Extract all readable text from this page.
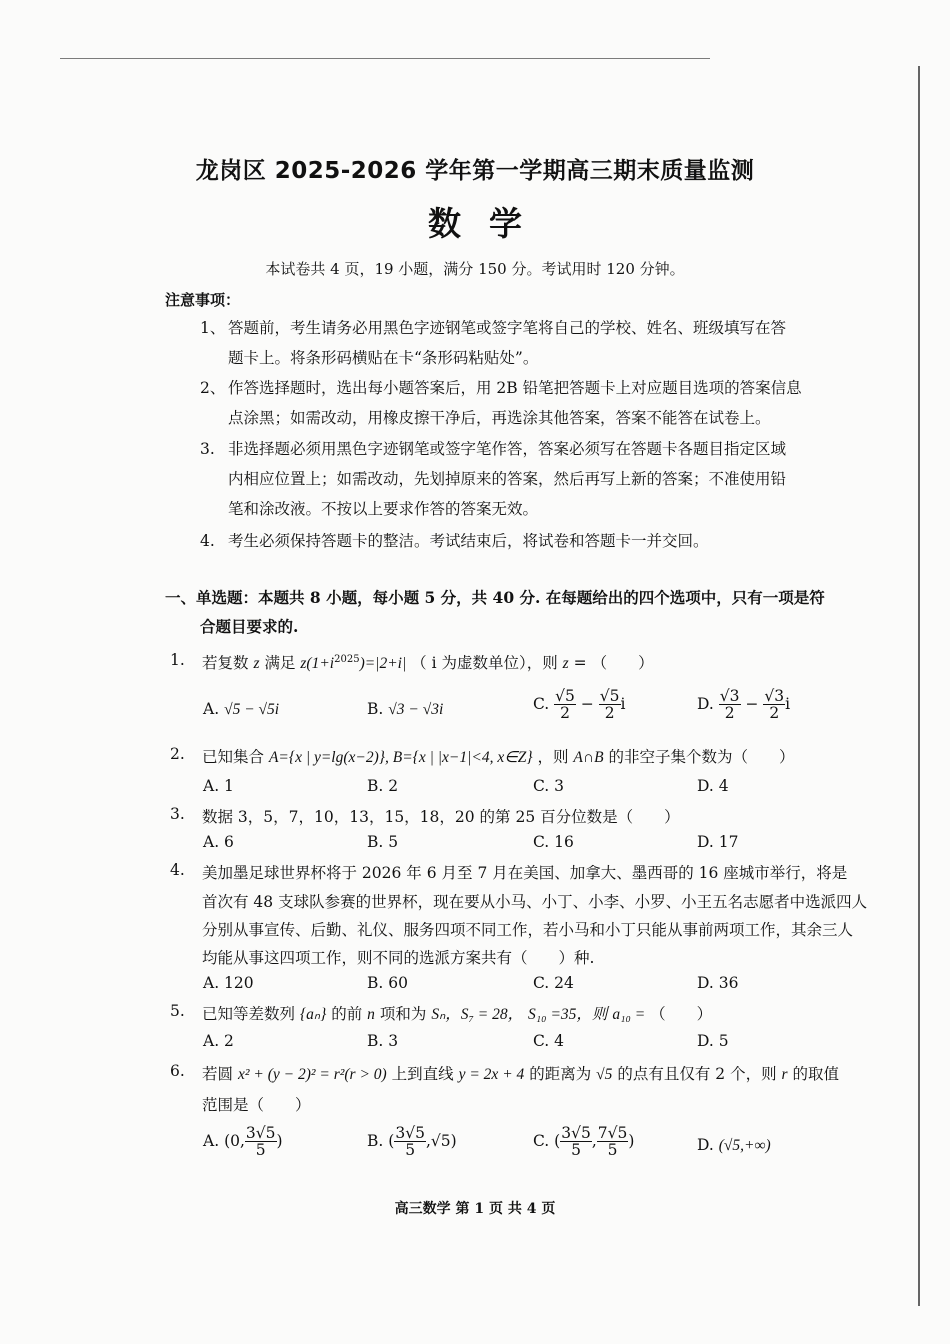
龙岗区 2025-2026 学年第一学期高三期末质量监测
数学
本试卷共 4 页，19 小题，满分 150 分。考试用时 120 分钟。
注意事项：
1、 答题前，考生请务必用黑色字迹钢笔或签字笔将自己的学校、姓名、班级填写在答
题卡上。将条形码横贴在卡“条形码粘贴处”。
2、 作答选择题时，选出每小题答案后，用 2B 铅笔把答题卡上对应题目选项的答案信息
点涂黑；如需改动，用橡皮擦干净后，再选涂其他答案，答案不能答在试卷上。
3. 非选择题必须用黑色字迹钢笔或签字笔作答，答案必须写在答题卡各题目指定区域
内相应位置上；如需改动，先划掉原来的答案，然后再写上新的答案；不准使用铅
笔和涂改液。不按以上要求作答的答案无效。
4. 考生必须保持答题卡的整洁。考试结束后，将试卷和答题卡一并交回。
一、单选题：本题共 8 小题，每小题 5 分，共 40 分. 在每题给出的四个选项中，只有一项是符
合题目要求的.
1. 若复数 z 满足 $z(1+i^{2025})=|2+i|$ （ i 为虚数单位），则 z = （　　）
A. √5 − √5i	B. √3 − √3i	C. $\frac{√5}{2} - \frac{√5}{2}$ i	D. $\frac{√3}{2} - \frac{√3}{2}$ i
2. 已知集合 A={x | y=lg(x−2)}, B={x | |x−1|<4, x∈Z} ，则 A∩B 的非空子集个数为（　　）
A. 1	B. 2	C. 3	D. 4
3. 数据 3，5，7，10，13，15，18，20 的第 25 百分位数是（　　）
A. 6	B. 5	C. 16	D. 17
4. 美加墨足球世界杯将于 2026 年 6 月至 7 月在美国、加拿大、墨西哥的 16 座城市举行，将是
首次有 48 支球队参赛的世界杯，现在要从小马、小丁、小李、小罗、小王五名志愿者中选派四人
分别从事宣传、后勤、礼仪、服务四项不同工作，若小马和小丁只能从事前两项工作，其余三人
均能从事这四项工作，则不同的选派方案共有（　　）种.
A. 120	B. 60	C. 24	D. 36
5. 已知等差数列 {aₙ} 的前 n 项和为 Sₙ，S₇ = 28， S₁₀ =35，则 a₁₀ = （　　）
A. 2	B. 3	C. 4	D. 5
6. 若圆 x² + (y − 2)² = r²(r > 0) 上到直线 y = 2x + 4 的距离为 √5 的点有且仅有 2 个，则 r 的取值
范围是（　　）
A. (0, $\frac{3√5}{5}$ )	B. ( $\frac{3√5}{5} ,√5$)	C. ( $\frac{3√5}{5}$ , $\frac{7√5}{5}$ )	D. (√5,+∞)
高三数学 第 1 页 共 4 页
